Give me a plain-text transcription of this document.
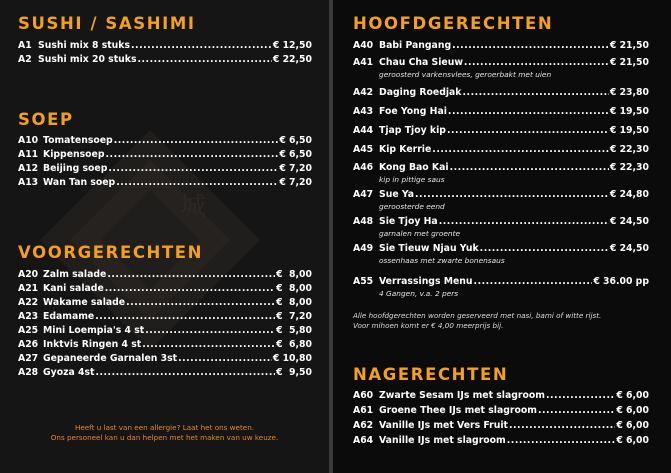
城
SUSHI / SASHIMI
A1 Sushi mix 8 stuks .....	€ 12,50
A2 Sushi mix 20 stuks .....	€ 22,50
SOEP
A10 Tomatensoep .....	€ 6,50
A11 Kippensoep .....	€ 6,50
A12 Beijing soep .....	€ 7,20
A13 Wan Tan soep .....	€ 7,20
VOORGERECHTEN
A20 Zalm salade .....	€  8,00
A21 Kani salade .....	€  8,00
A22 Wakame salade .....	€  8,00
A23 Edamame .....	€  7,20
A25 Mini Loempia's 4 st .....	€  5,80
A26 Inktvis Ringen 4 st .....	€  6,80
A27 Gepaneerde Garnalen 3st .....	€ 10,80
A28 Gyoza 4st .....	€  9,50

Heeft u last van een allergie? Laat het ons weten.

Ons personeel kan u dan helpen met het maken van uw keuze.

HOOFDGERECHTEN
A40 Babi Pangang .....	€ 21,50
A41 Chau Cha Sieuw .....	€ 21,50
geroosterd varkensvlees, geroerbakt met uien
A42 Daging Roedjak .....	€ 23,80
A43 Foe Yong Hai .....	€ 19,50
A44 Tjap Tjoy kip .....	€ 19,50
A45 Kip Kerrie .....	€ 22,30
A46 Kong Bao Kai .....	€ 22,30
kip in pittige saus
A47 Sue Ya .....	€ 24,80
geroosterde eend
A48 Sie Tjoy Ha .....	€ 24,50
garnalen met groente
A49 Sie Tieuw Njau Yuk .....	€ 24,50
ossenhaas met zwarte bonensaus
A55 Verrassings Menu .....	€ 36.00 pp
4 Gangen, v.a. 2 pers

Alle hoofdgerechten worden geserveerd met nasi, bami of witte rijst.

Voor mihoen komt er € 4,00 meerprijs bij.

NAGERECHTEN
A60 Zwarte Sesam IJs met slagroom .....	€ 6,00
A61 Groene Thee IJs met slagroom .....	€ 6,00
A62 Vanille IJs met Vers Fruit .....	€ 6,00
A64 Vanille IJs met slagroom .....	€ 6,00
